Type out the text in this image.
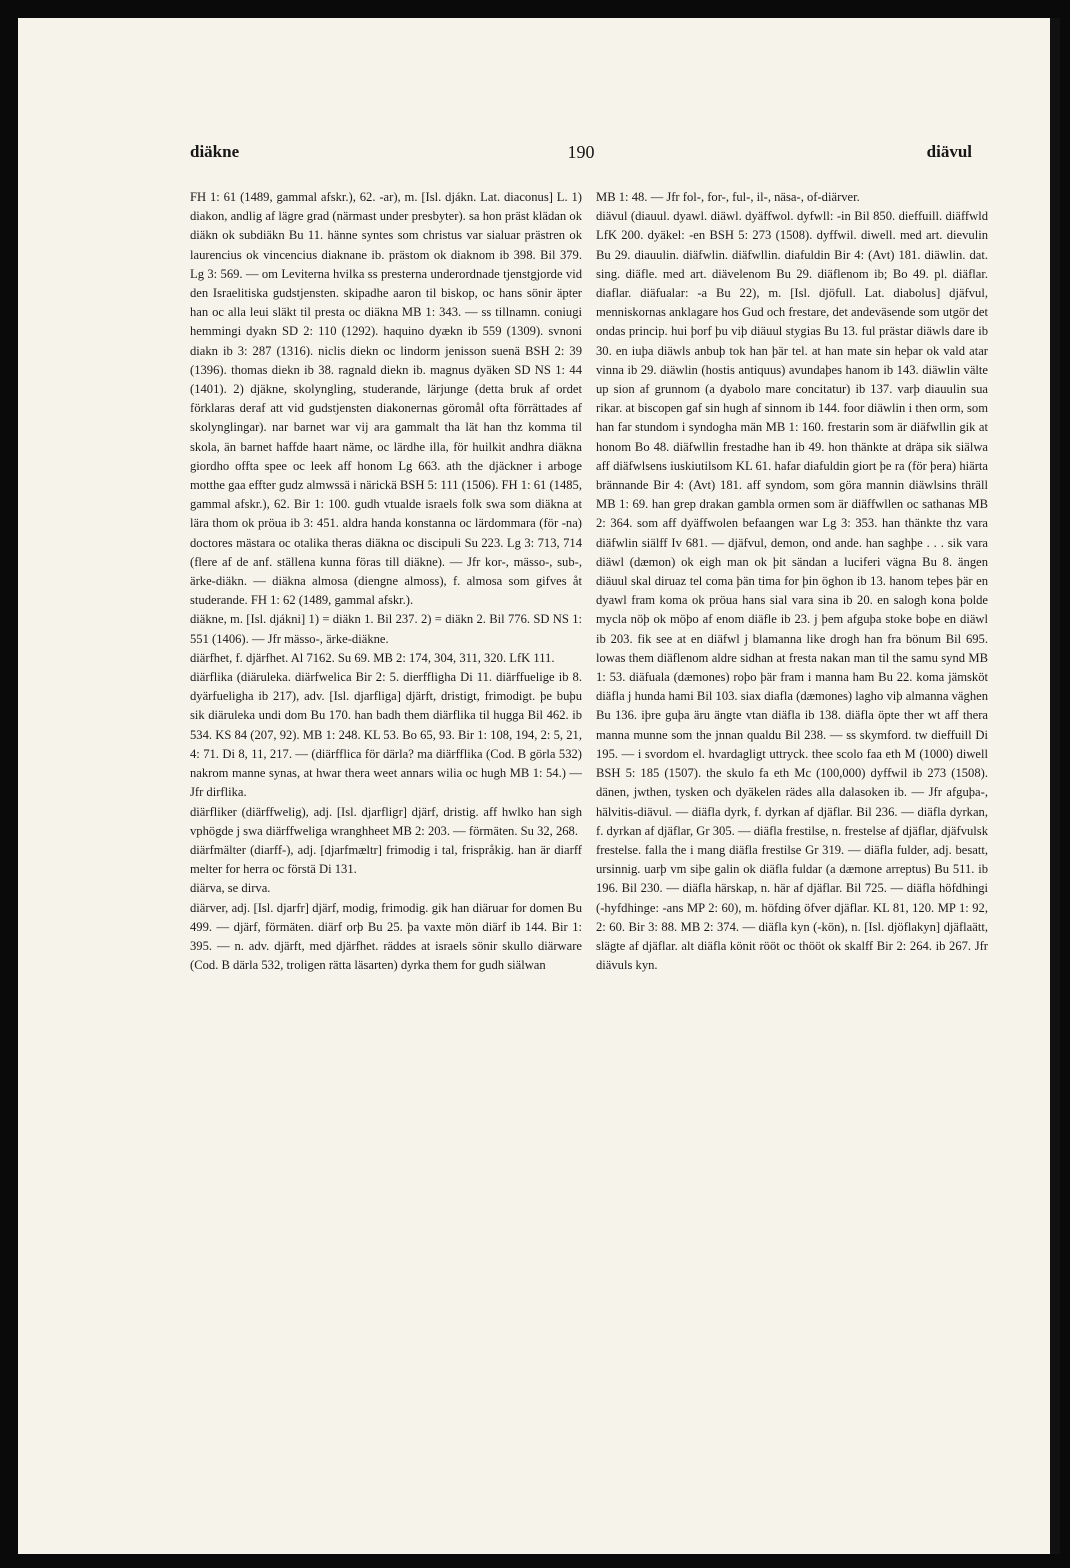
diäkne	190	diävul

FH 1: 61 (1489, gammal afskr.), 62. -ar), m. [Isl. djákn. Lat. diaconus] L. 1) diakon, andlig af lägre grad (närmast under presbyter). sa hon präst klädan ok diäkn ok subdiäkn Bu 11. hänne syntes som christus var sialuar prästren ok laurencius ok vincencius diaknane ib. prästom ok diaknom ib 398. Bil 379. Lg 3: 569. — om Leviterna hvilka ss presterna underordnade tjenstgjorde vid den Israelitiska gudstjensten. skipadhe aaron til biskop, oc hans sönir äpter han oc alla leui släkt til presta oc diäkna MB 1: 343. — ss tillnamn. coniugi hemmingi dyakn SD 2: 110 (1292). haquino dyækn ib 559 (1309). svnoni diakn ib 3: 287 (1316). niclis diekn oc lindorm jenisson suenä BSH 2: 39 (1396). thomas diekn ib 38. ragnald diekn ib. magnus dyäken SD NS 1: 44 (1401). 2) djäkne, skolyngling, studerande, lärjunge (detta bruk af ordet förklaras deraf att vid gudstjensten diakonernas göromål ofta förrättades af skolynglingar). nar barnet war vij ara gammalt tha lät han thz komma til skola, än barnet haffde haart näme, oc lärdhe illa, för huilkit andhra diäkna giordho offta spee oc leek aff honom Lg 663. ath the djäckner i arboge motthe gaa effter gudz almwssä i närickä BSH 5: 111 (1506). FH 1: 61 (1485, gammal afskr.), 62. Bir 1: 100. gudh vtualde israels folk swa som diäkna at lära thom ok pröua ib 3: 451. aldra handa konstanna oc lärdommara (för -na) doctores mästara oc otalika theras diäkna oc discipuli Su 223. Lg 3: 713, 714 (flere af de anf. ställena kunna föras till diäkne). — Jfr kor-, mässo-, sub-, ärke-diäkn. — diäkna almosa (diengne almoss), f. almosa som gifves åt studerande. FH 1: 62 (1489, gammal afskr.).

diäkne, m. [Isl. djákni] 1) = diäkn 1. Bil 237. 2) = diäkn 2. Bil 776. SD NS 1: 551 (1406). — Jfr mässo-, ärke-diäkne.

diärfhet, f. djärfhet. Al 7162. Su 69. MB 2: 174, 304, 311, 320. LfK 111.

diärflika (diäruleka. diärfwelica Bir 2: 5. dierffligha Di 11. diärffuelige ib 8. dyärfueligha ib 217), adv. [Isl. djarfliga] djärft, dristigt, frimodigt. þe buþu sik diäruleka undi dom Bu 170. han badh them diärflika til hugga Bil 462. ib 534. KS 84 (207, 92). MB 1: 248. KL 53. Bo 65, 93. Bir 1: 108, 194, 2: 5, 21, 4: 71. Di 8, 11, 217. — (diärfflica för därla? ma diärfflika (Cod. B görla 532) nakrom manne synas, at hwar thera weet annars wilia oc hugh MB 1: 54.) — Jfr dirflika.

diärfliker (diärffwelig), adj. [Isl. djarfligr] djärf, dristig. aff hwlko han sigh vphögde j swa diärffweliga wranghheet MB 2: 203. — förmäten. Su 32, 268.

diärfmälter (diarff-), adj. [djarfmæltr] frimodig i tal, frispråkig. han är diarff melter for herra oc förstä Di 131.

diärva, se dirva.

diärver, adj. [Isl. djarfr] djärf, modig, frimodig. gik han diäruar for domen Bu 499. — djärf, förmäten. diärf orþ Bu 25. þa vaxte mön diärf ib 144. Bir 1: 395. — n. adv. djärft, med djärfhet. räddes at israels sönir skullo diärware (Cod. B därla 532, troligen rätta läsarten) dyrka them for gudh siälwan

MB 1: 48. — Jfr fol-, for-, ful-, il-, näsa-, of-diärver.

diävul (diauul. dyawl. diäwl. dyäffwol. dyfwll: -in Bil 850. dieffuill. diäffwld LfK 200. dyäkel: -en BSH 5: 273 (1508). dyffwil. diwell. med art. dievulin Bu 29. diauulin. diäfwlin. diäfwllin. diafuldin Bir 4: (Avt) 181. diäwlin. dat. sing. diäfle. med art. diävelenom Bu 29. diäflenom ib; Bo 49. pl. diäflar. diaflar. diäfualar: -a Bu 22), m. [Isl. djöfull. Lat. diabolus] djäfvul, menniskornas anklagare hos Gud och frestare, det andeväsende som utgör det ondas princip. hui þorf þu viþ diäuul stygias Bu 13. ful prästar diäwls dare ib 30. en iuþa diäwls anbuþ tok han þär tel. at han mate sin heþar ok vald atar vinna ib 29. diäwlin (hostis antiquus) avundaþes hanom ib 143. diäwlin välte up sion af grunnom (a dyabolo mare concitatur) ib 137. varþ diauulin sua rikar. at biscopen gaf sin hugh af sinnom ib 144. foor diäwlin i then orm, som han far stundom i syndogha män MB 1: 160. frestarin som är diäfwllin gik at honom Bo 48. diäfwllin frestadhe han ib 49. hon thänkte at dräpa sik siälwa aff diäfwlsens iuskiutilsom KL 61. hafar diafuldin giort þe ra (för þera) hiärta brännande Bir 4: (Avt) 181. aff syndom, som göra mannin diäwlsins thräll MB 1: 69. han grep drakan gambla ormen som är diäffwllen oc sathanas MB 2: 364. som aff dyäffwolen befaangen war Lg 3: 353. han thänkte thz vara diäfwlin siälff Iv 681. — djäfvul, demon, ond ande. han saghþe . . . sik vara diäwl (dæmon) ok eigh man ok þit sändan a luciferi vägna Bu 8. ängen diäuul skal diruaz tel coma þän tima for þin öghon ib 13. hanom teþes þär en dyawl fram koma ok pröua hans sial vara sina ib 20. en salogh kona þolde mycla nöþ ok möþo af enom diäfle ib 23. j þem afguþa stoke boþe en diäwl ib 203. fik see at en diäfwl j blamanna like drogh han fra bönum Bil 695. lowas them diäflenom aldre sidhan at fresta nakan man til the samu synd MB 1: 53. diäfuala (dæmones) roþo þär fram i manna ham Bu 22. koma jämsköt diäfla j hunda hami Bil 103. siax diafla (dæmones) lagho viþ almanna väghen Bu 136. iþre guþa äru ängte vtan diäfla ib 138. diäfla öpte ther wt aff thera manna munne som the jnnan qualdu Bil 238. — ss skymford. tw dieffuill Di 195. — i svordom el. hvardagligt uttryck. thee scolo faa eth M (1000) diwell BSH 5: 185 (1507). the skulo fa eth Mc (100,000) dyffwil ib 273 (1508). dänen, jwthen, tysken och dyäkelen rädes alla dalasoken ib. — Jfr afguþa-, hälvitis-diävul. — diäfla dyrk, f. dyrkan af djäflar. Bil 236. — diäfla dyrkan, f. dyrkan af djäflar, Gr 305. — diäfla frestilse, n. frestelse af djäflar, djäfvulsk frestelse. falla the i mang diäfla frestilse Gr 319. — diäfla fulder, adj. besatt, ursinnig. uarþ vm siþe galin ok diäfla fuldar (a dæmone arreptus) Bu 511. ib 196. Bil 230. — diäfla härskap, n. här af djäflar. Bil 725. — diäfla höfdhingi (-hyfdhinge: -ans MP 2: 60), m. höfding öfver djäflar. KL 81, 120. MP 1: 92, 2: 60. Bir 3: 88. MB 2: 374. — diäfla kyn (-kön), n. [Isl. djöflakyn] djäflaätt, slägte af djäflar. alt diäfla könit rööt oc thööt ok skalff Bir 2: 264. ib 267. Jfr diävuls kyn.
